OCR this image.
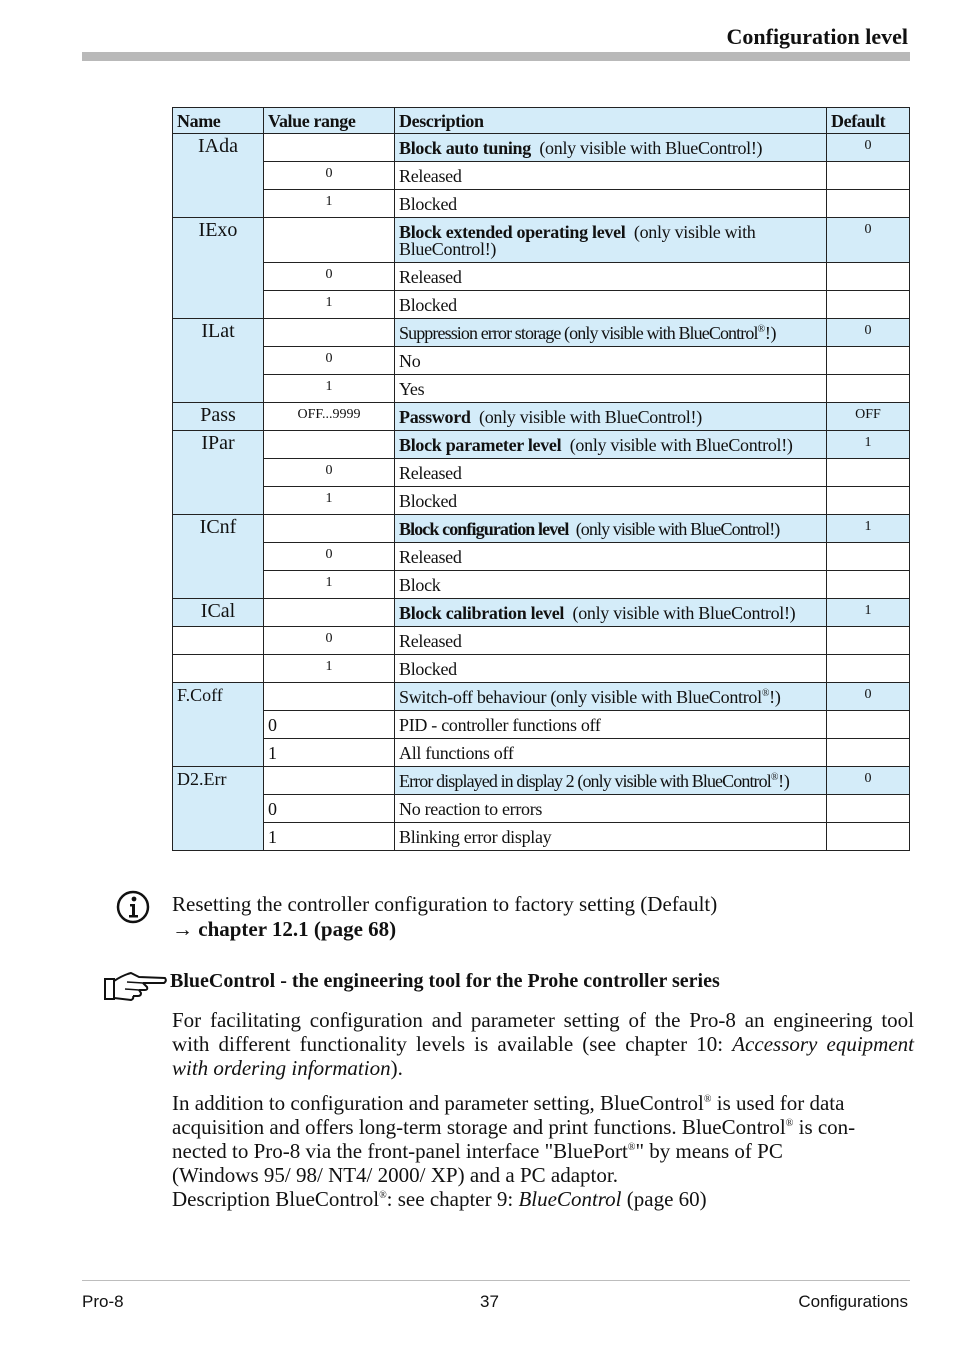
Configuration level
Name	Value range	Description	Default
IAda		Block auto tuning  (only visible with BlueControl!)	0
	0	Released	
	1	Blocked	
IExo		Block extended operating level  (only visible with BlueControl!)	0
	0	Released	
	1	Blocked	
ILat		Suppression error storage (only visible with BlueControl®!)	0
	0	No	
	1	Yes	
Pass	OFF...9999	Password  (only visible with BlueControl!)	OFF
IPar		Block parameter level  (only visible with BlueControl!)	1
	0	Released	
	1	Blocked	
ICnf		Block configuration level  (only visible with BlueControl!)	1
	0	Released	
	1	Block	
ICal		Block calibration level  (only visible with BlueControl!)	1
	0	Released	
	1	Blocked	
F.Coff		Switch-off behaviour (only visible with BlueControl®!)	0
	0	PID - controller functions off	
	1	All functions off	
D2.Err		Error displayed in display 2 (only visible with BlueControl®!)	0
	0	No reaction to errors	
	1	Blinking error display	
Resetting the controller configuration to factory setting (Default)
→ chapter 12.1 (page 68)
BlueControl - the engineering tool for the Prohe controller series
For facilitating configuration and parameter setting of the Pro-8 an engineering tool with different functionality levels is available (see chapter 10: Accessory equipment with ordering information).
In addition to configuration and parameter setting, BlueControl® is used for data acquisition and offers long-term storage and print functions. BlueControl® is con-
nected to Pro-8 via the front-panel interface "BluePort®" by means of PC
(Windows 95/ 98/ NT4/ 2000/ XP) and a PC adaptor.
Description BlueControl®: see chapter 9: BlueControl (page 60)
Pro-8	37	Configurations
